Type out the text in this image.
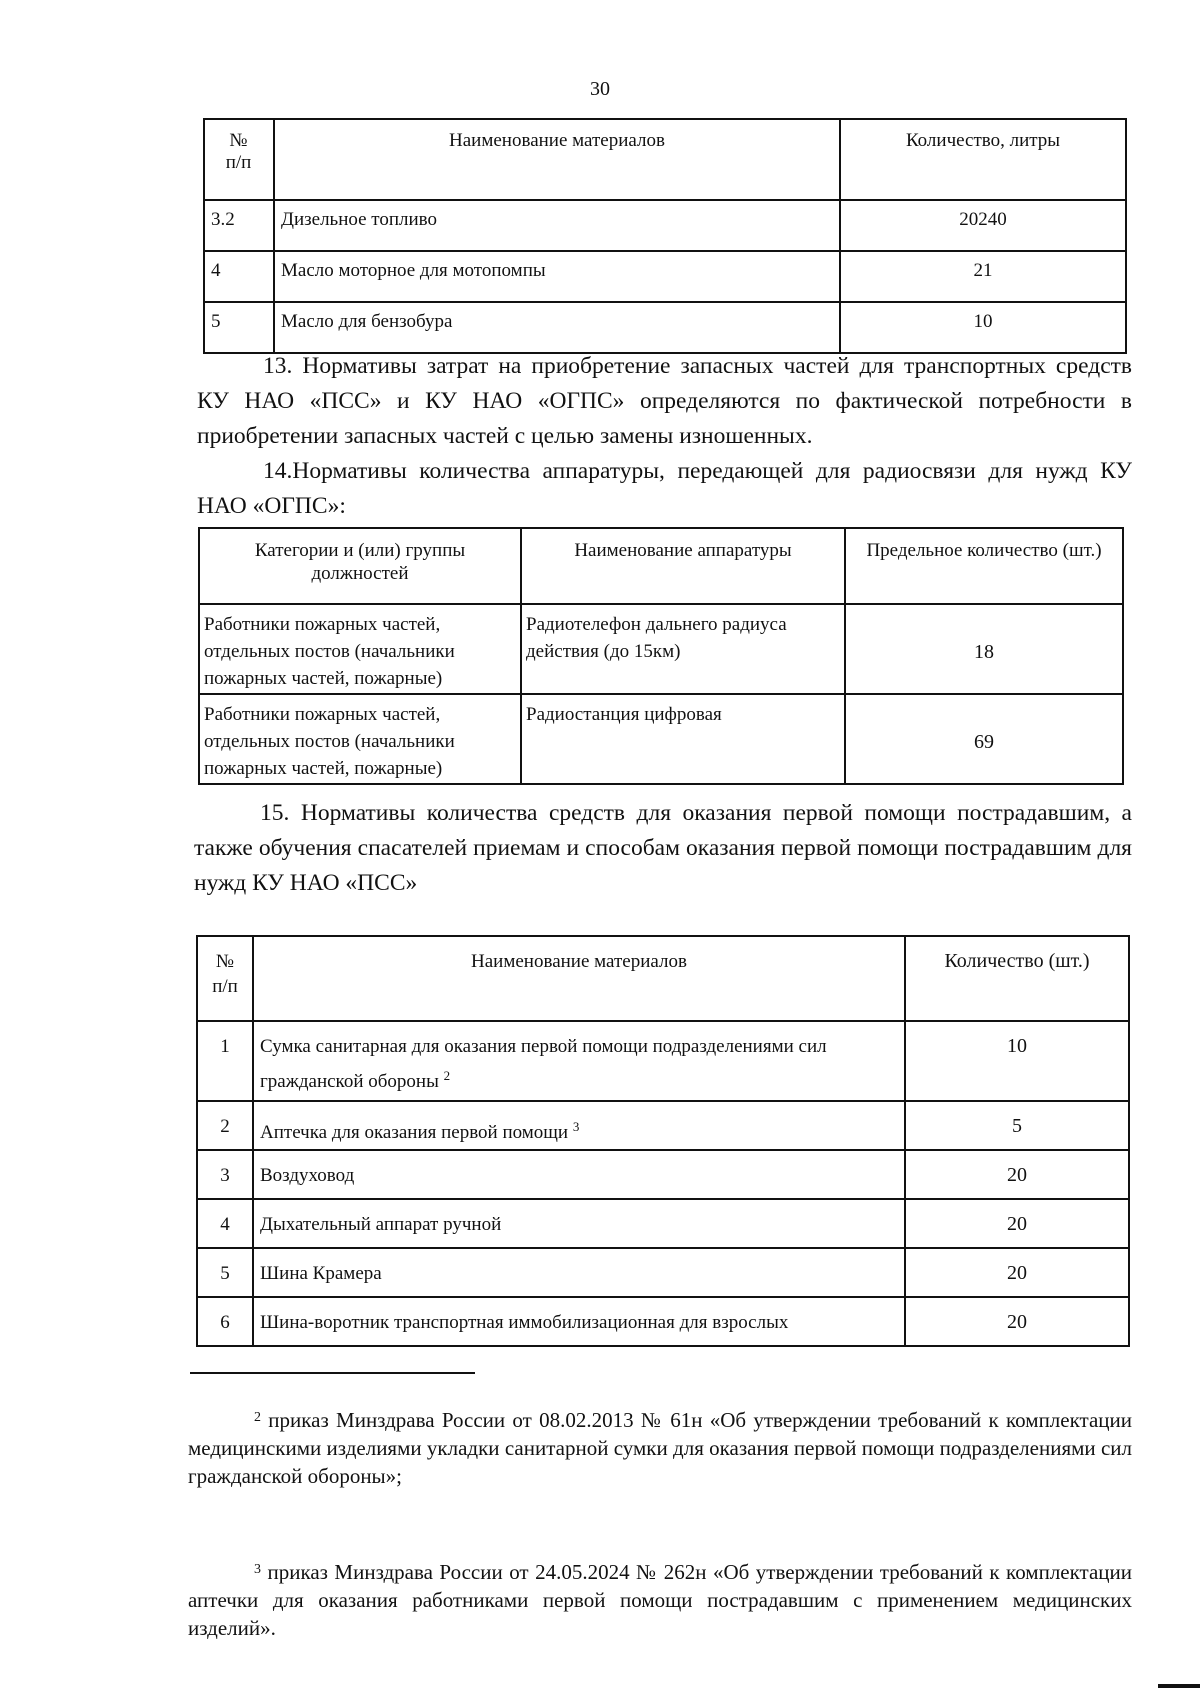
30
№
п/п	Наименование материалов	Количество, литры
3.2	Дизельное топливо	20240
4	Масло моторное для мотопомпы	21
5	Масло для бензобура	10

13. Нормативы затрат на приобретение запасных частей для транспортных средств КУ НАО «ПСС» и КУ НАО «ОГПС» определяются по фактической потребности в приобретении запасных частей с целью замены изношенных.

14.Нормативы количества аппаратуры, передающей для радиосвязи для нужд КУ НАО «ОГПС»:

Категории и (или) группы должностей	Наименование аппаратуры	Предельное количество (шт.)
Работники пожарных частей, отдельных постов (начальники пожарных частей, пожарные)	Радиотелефон дальнего радиуса действия (до 15км)	18
Работники пожарных частей, отдельных постов (начальники пожарных частей, пожарные)	Радиостанция цифровая	69

15. Нормативы количества средств для оказания первой помощи пострадавшим, а также обучения спасателей приемам и способам оказания первой помощи пострадавшим для нужд КУ НАО «ПСС»

№
п/п	Наименование материалов	Количество (шт.)
1	Сумка санитарная для оказания первой помощи подразделениями сил гражданской обороны $^2$	10
2	Аптечка для оказания первой помощи $^3$	5
3	Воздуховод	20
4	Дыхательный аппарат ручной	20
5	Шина Крамера	20
6	Шина-воротник транспортная иммобилизационная для взрослых	20

$^2$ приказ Минздрава России от 08.02.2013 № 61н «Об утверждении требований к комплектации медицинскими изделиями укладки санитарной сумки для оказания первой помощи подразделениями сил гражданской обороны»;

$^3$ приказ Минздрава России от 24.05.2024 № 262н «Об утверждении требований к комплектации аптечки для оказания работниками первой помощи пострадавшим с применением медицинских изделий».
